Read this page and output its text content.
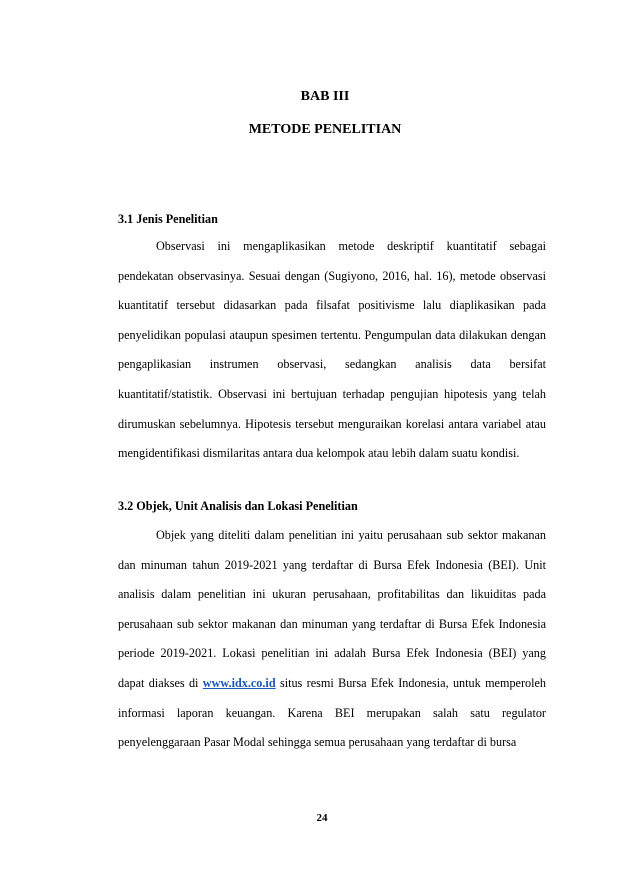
BAB III
METODE PENELITIAN
3.1 Jenis Penelitian

Observasi ini mengaplikasikan metode deskriptif kuantitatif sebagai pendekatan observasinya. Sesuai dengan (Sugiyono, 2016, hal. 16), metode observasi kuantitatif tersebut didasarkan pada filsafat positivisme lalu diaplikasikan pada penyelidikan populasi ataupun spesimen tertentu. Pengumpulan data dilakukan dengan pengaplikasian instrumen observasi, sedangkan analisis data bersifat kuantitatif/statistik. Observasi ini bertujuan terhadap pengujian hipotesis yang telah dirumuskan sebelumnya. Hipotesis tersebut menguraikan korelasi antara variabel atau mengidentifikasi dismilaritas antara dua kelompok atau lebih dalam suatu kondisi.

3.2 Objek, Unit Analisis dan Lokasi Penelitian

Objek yang diteliti dalam penelitian ini yaitu perusahaan sub sektor makanan dan minuman tahun 2019-2021 yang terdaftar di Bursa Efek Indonesia (BEI). Unit analisis dalam penelitian ini ukuran perusahaan, profitabilitas dan likuiditas pada perusahaan sub sektor makanan dan minuman yang terdaftar di Bursa Efek Indonesia periode 2019-2021. Lokasi penelitian ini adalah Bursa Efek Indonesia (BEI) yang dapat diakses di www.idx.co.id situs resmi Bursa Efek Indonesia, untuk memperoleh informasi laporan keuangan. Karena BEI merupakan salah satu regulator penyelenggaraan Pasar Modal sehingga semua perusahaan yang terdaftar di bursa

24
